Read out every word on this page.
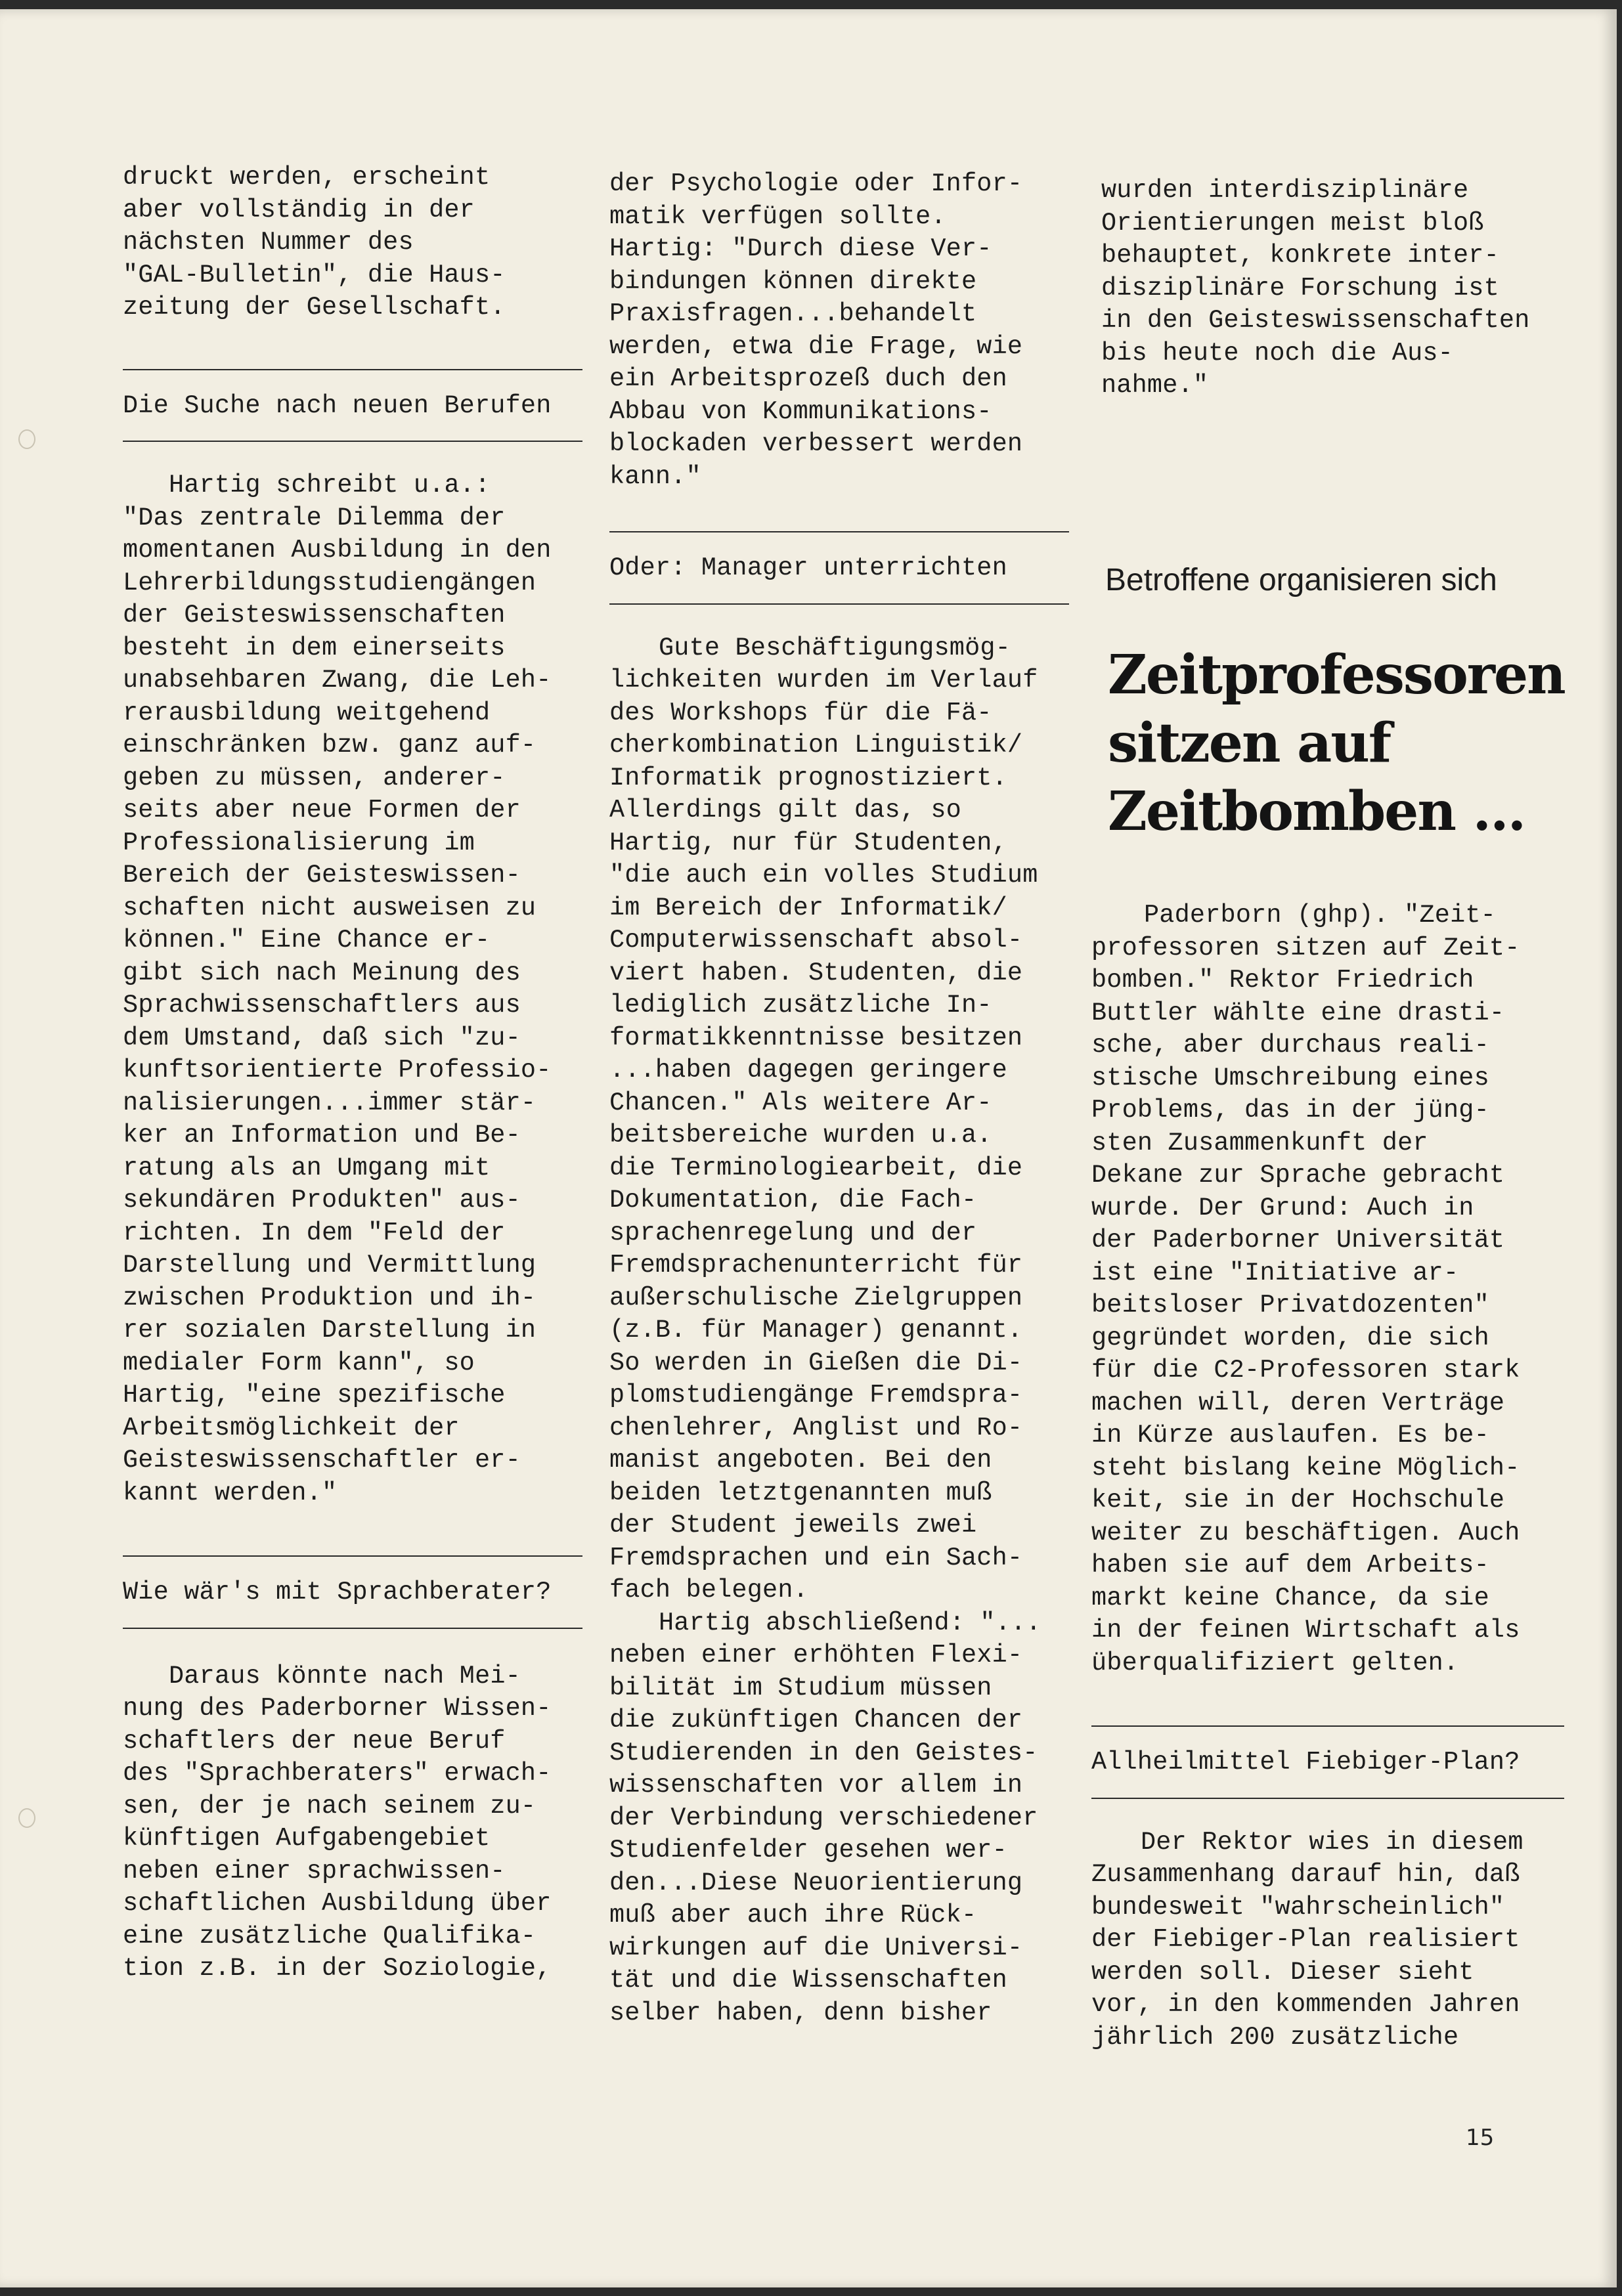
druckt werden, erscheint

aber vollständig in der

nächsten Nummer des

"GAL-Bulletin", die Haus-

zeitung der Gesellschaft.

Die Suche nach neuen Berufen

Hartig schreibt u.a.:

"Das zentrale Dilemma der

momentanen Ausbildung in den

Lehrerbildungsstudiengängen

der Geisteswissenschaften

besteht in dem einerseits

unabsehbaren Zwang, die Leh-

rerausbildung weitgehend

einschränken bzw. ganz auf-

geben zu müssen, anderer-

seits aber neue Formen der

Professionalisierung im

Bereich der Geisteswissen-

schaften nicht ausweisen zu

können." Eine Chance er-

gibt sich nach Meinung des

Sprachwissenschaftlers aus

dem Umstand, daß sich "zu-

kunftsorientierte Professio-

nalisierungen...immer stär-

ker an Information und Be-

ratung als an Umgang mit

sekundären Produkten" aus-

richten. In dem "Feld der

Darstellung und Vermittlung

zwischen Produktion und ih-

rer sozialen Darstellung in

medialer Form kann", so

Hartig, "eine spezifische

Arbeitsmöglichkeit der

Geisteswissenschaftler er-

kannt werden."

Wie wär's mit Sprachberater?

Daraus könnte nach Mei-

nung des Paderborner Wissen-

schaftlers der neue Beruf

des "Sprachberaters" erwach-

sen, der je nach seinem zu-

künftigen Aufgabengebiet

neben einer sprachwissen-

schaftlichen Ausbildung über

eine zusätzliche Qualifika-

tion z.B. in der Soziologie,

der Psychologie oder Infor-

matik verfügen sollte.

Hartig: "Durch diese Ver-

bindungen können direkte

Praxisfragen...behandelt

werden, etwa die Frage, wie

ein Arbeitsprozeß duch den

Abbau von Kommunikations-

blockaden verbessert werden

kann."

Oder: Manager unterrichten

Gute Beschäftigungsmög-

lichkeiten wurden im Verlauf

des Workshops für die Fä-

cherkombination Linguistik/

Informatik prognostiziert.

Allerdings gilt das, so

Hartig, nur für Studenten,

"die auch ein volles Studium

im Bereich der Informatik/

Computerwissenschaft absol-

viert haben. Studenten, die

lediglich zusätzliche In-

formatikkenntnisse besitzen

...haben dagegen geringere

Chancen." Als weitere Ar-

beitsbereiche wurden u.a.

die Terminologiearbeit, die

Dokumentation, die Fach-

sprachenregelung und der

Fremdsprachenunterricht für

außerschulische Zielgruppen

(z.B. für Manager) genannt.

So werden in Gießen die Di-

plomstudiengänge Fremdspra-

chenlehrer, Anglist und Ro-

manist angeboten. Bei den

beiden letztgenannten muß

der Student jeweils zwei

Fremdsprachen und ein Sach-

fach belegen.

Hartig abschließend: "...

neben einer erhöhten Flexi-

bilität im Studium müssen

die zukünftigen Chancen der

Studierenden in den Geistes-

wissenschaften vor allem in

der Verbindung verschiedener

Studienfelder gesehen wer-

den...Diese Neuorientierung

muß aber auch ihre Rück-

wirkungen auf die Universi-

tät und die Wissenschaften

selber haben, denn bisher

wurden interdisziplinäre

Orientierungen meist bloß

behauptet, konkrete inter-

disziplinäre Forschung ist

in den Geisteswissenschaften

bis heute noch die Aus-

nahme."

Betroffene organisieren sich
Zeitprofessoren
sitzen auf
Zeitbomben ...

Paderborn (ghp). "Zeit-

professoren sitzen auf Zeit-

bomben." Rektor Friedrich

Buttler wählte eine drasti-

sche, aber durchaus reali-

stische Umschreibung eines

Problems, das in der jüng-

sten Zusammenkunft der

Dekane zur Sprache gebracht

wurde. Der Grund: Auch in

der Paderborner Universität

ist eine "Initiative ar-

beitsloser Privatdozenten"

gegründet worden, die sich

für die C2-Professoren stark

machen will, deren Verträge

in Kürze auslaufen. Es be-

steht bislang keine Möglich-

keit, sie in der Hochschule

weiter zu beschäftigen. Auch

haben sie auf dem Arbeits-

markt keine Chance, da sie

in der feinen Wirtschaft als

überqualifiziert gelten.

Allheilmittel Fiebiger-Plan?

Der Rektor wies in diesem

Zusammenhang darauf hin, daß

bundesweit "wahrscheinlich"

der Fiebiger-Plan realisiert

werden soll. Dieser sieht

vor, in den kommenden Jahren

jährlich 200 zusätzliche

15
